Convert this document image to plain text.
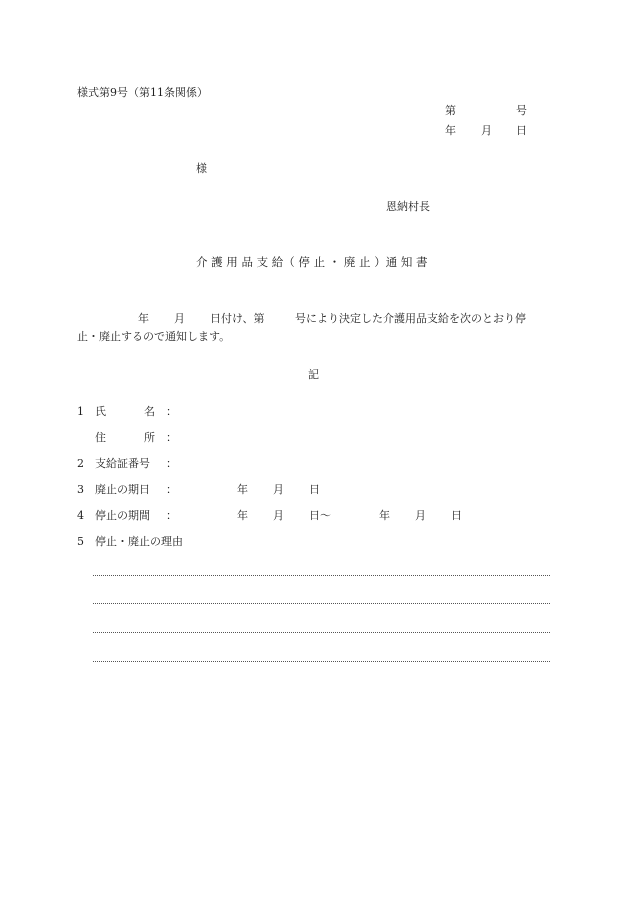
様式第9号（第11条関係）
第	号
年 月 日
様
恩納村長
介 護 用 品 支 給（ 停 止 ・ 廃 止 ）通 知 書
年 月 日付け、第	号により決定した介護用品支給を次のとおり停
止・廃止するので通知します。
記
1 氏	名 ：
住	所 ：
2 支給証番号 ：
3 廃止の期日 ：	年 月 日
4 停止の期間 ：	年 月 日～	年 月 日
5 停止・廃止の理由
